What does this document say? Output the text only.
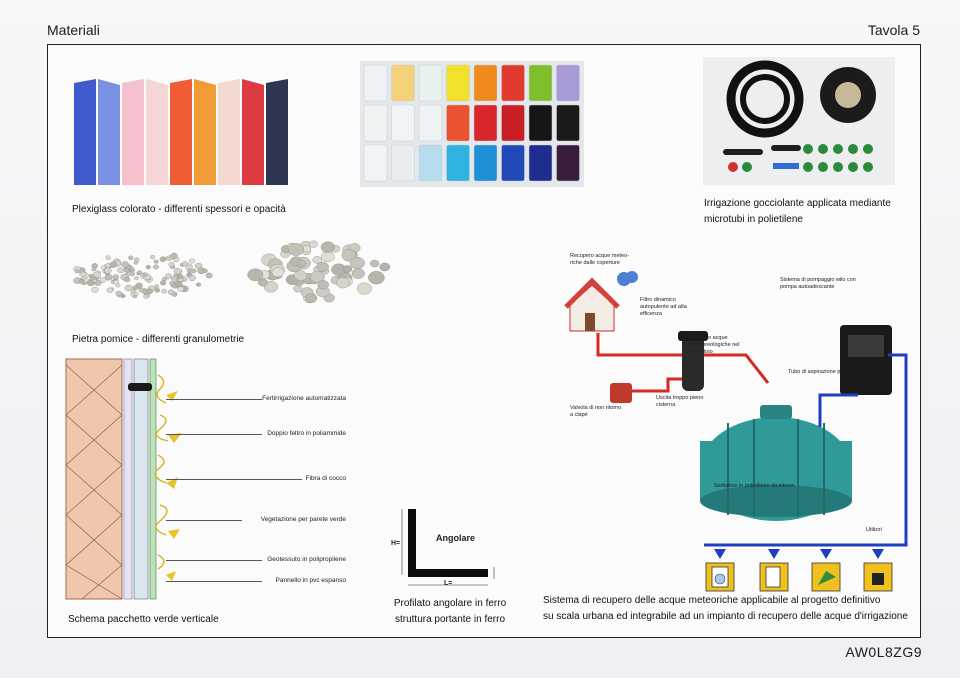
Materiali	Tavola 5
Plexiglass colorato - differenti spessori e opacità
Irrigazione gocciolante applicata mediante
microtubi in polietilene
Pietra pomice - differenti granulometrie
Fertirrigazione automatizzata
Doppio feltro in poliammide
Fibra di cocco
Vegetazione per parete verde
Geotessuto in polipropilene
Pannello in pvc espanso
Schema pacchetto verde verticale
H=
L=
Angolare
Profilato angolare in ferro
struttura portante in ferro
Recupero acque meteo-riche dalle coperture
Filtro dinamico autopulente ad alta efficenza
Ingresso acque meteoreologiche nel serbatoio
Valvola di non ritorno a clapè
Uscita troppo pieno cisterna
Sistema di pompaggio wilo con pompa autoadescante
Tubo di aspirazione pompa
Serbatoio in polietilene da interro
Utilizzi
Sistema di recupero delle acque meteoriche applicabile al progetto definitivo
su scala urbana ed integrabile ad un impianto di recupero delle acque d'irrigazione
AW0L8ZG9
